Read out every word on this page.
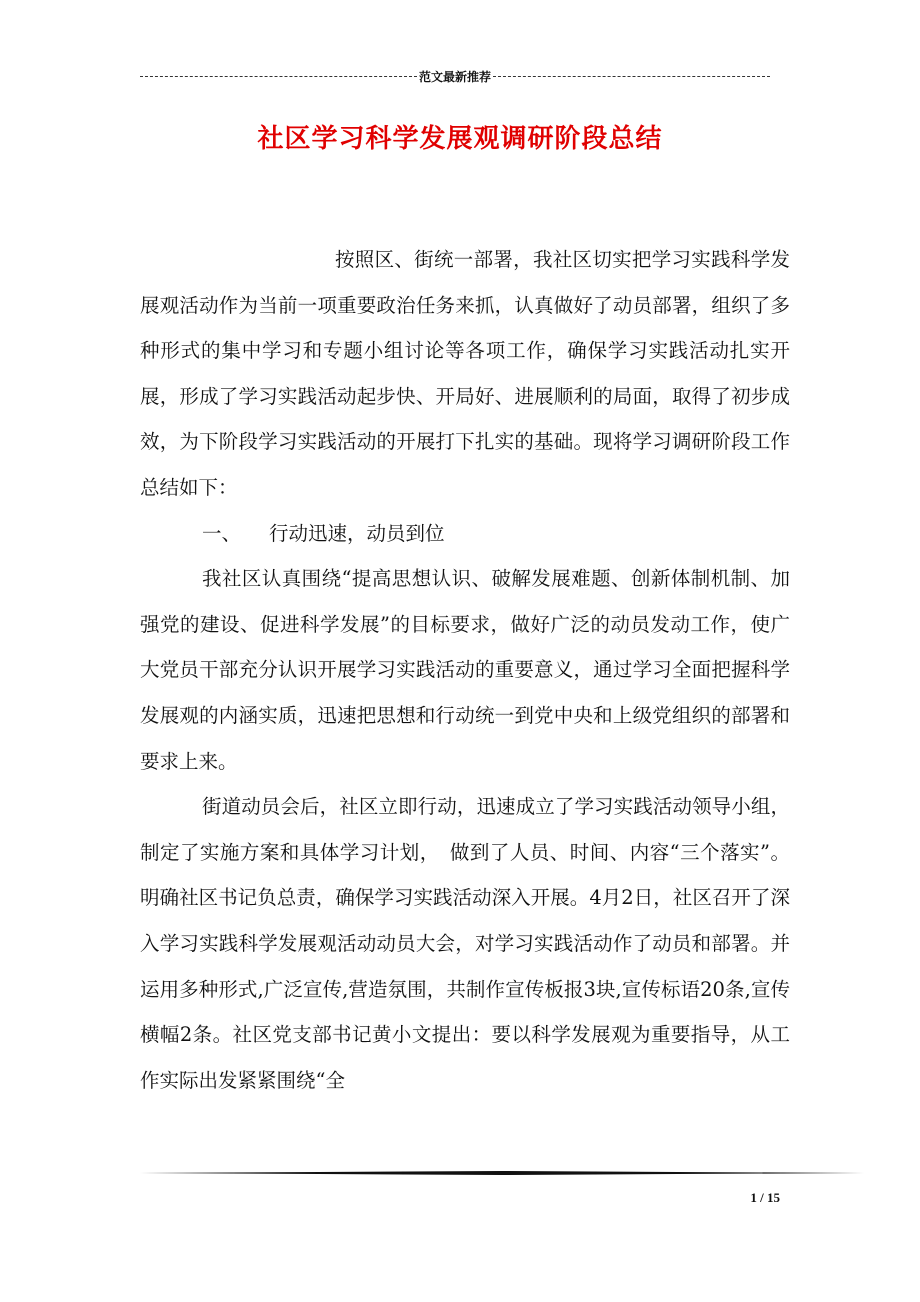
范文最新推荐
社区学习科学发展观调研阶段总结

按照区、街统一部署，我社区切实把学习实践科学发展观活动作为当前一项重要政治任务来抓，认真做好了动员部署，组织了多种形式的集中学习和专题小组讨论等各项工作，确保学习实践活动扎实开展，形成了学习实践活动起步快、开局好、进展顺利的局面，取得了初步成效，为下阶段学习实践活动的开展打下扎实的基础。现将学习调研阶段工作总结如下：

一、 行动迅速，动员到位

我社区认真围绕“提高思想认识、破解发展难题、创新体制机制、加强党的建设、促进科学发展”的目标要求，做好广泛的动员发动工作，使广大党员干部充分认识开展学习实践活动的重要意义，通过学习全面把握科学发展观的内涵实质，迅速把思想和行动统一到党中央和上级党组织的部署和要求上来。

街道动员会后，社区立即行动，迅速成立了学习实践活动领导小组，制定了实施方案和具体学习计划，　做到了人员、时间、内容“三个落实”。明确社区书记负总责，确保学习实践活动深入开展。4月2日，社区召开了深入学习实践科学发展观活动动员大会，对学习实践活动作了动员和部署。并运用多种形式,广泛宣传,营造氛围，共制作宣传板报3块,宣传标语20条,宣传横幅2条。社区党支部书记黄小文提出：要以科学发展观为重要指导，从工作实际出发紧紧围绕“全

1 / 15
